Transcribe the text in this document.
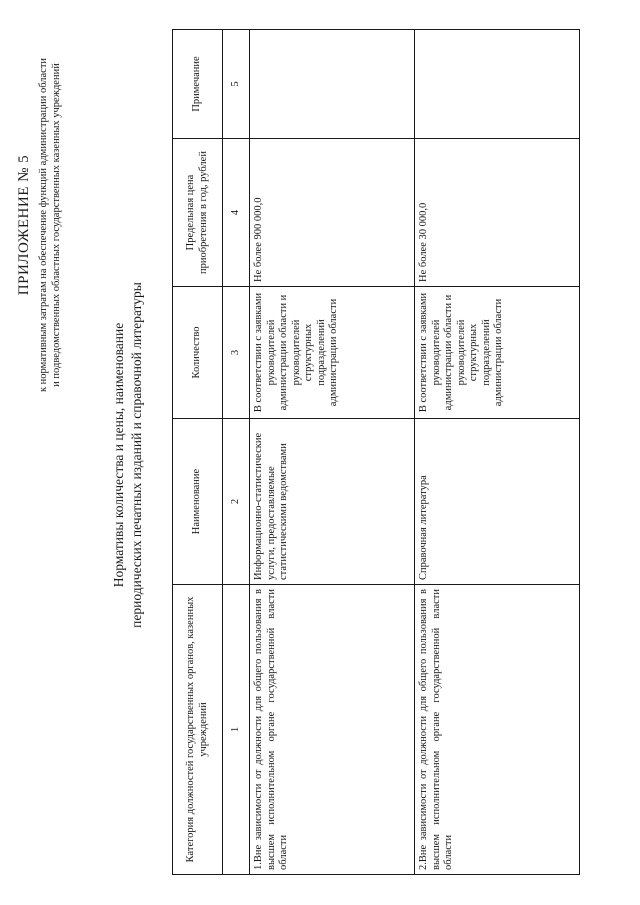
ПРИЛОЖЕНИЕ № 5 к нормативным затратам на обеспечение функций администрации области и подведомственных областных государственных казенных учреждений
Нормативы количества и цены, наименование периодических печатных изданий и справочной литературы
Категория должностей государственных органов, казенных учреждений	Наименование	Количество	Предельная цена приобретения в год, рублей	Примечание
1	2	3	4	5
1.Вне зависимости от должности для общего пользования в высшем исполнительном органе государственной власти области	Информационно-статистические услуги, предоставляемые статистическими ведомствами	В соответствии с заявками руководителей администрации области и руководителей структурных подразделений администрации области	Не более 900 000,0	
2.Вне зависимости от должности для общего пользования в высшем исполнительном органе государственной власти области	Справочная литература	В соответствии с заявками руководителей администрации области и руководителей структурных подразделений администрации области	Не более 30 000,0	
